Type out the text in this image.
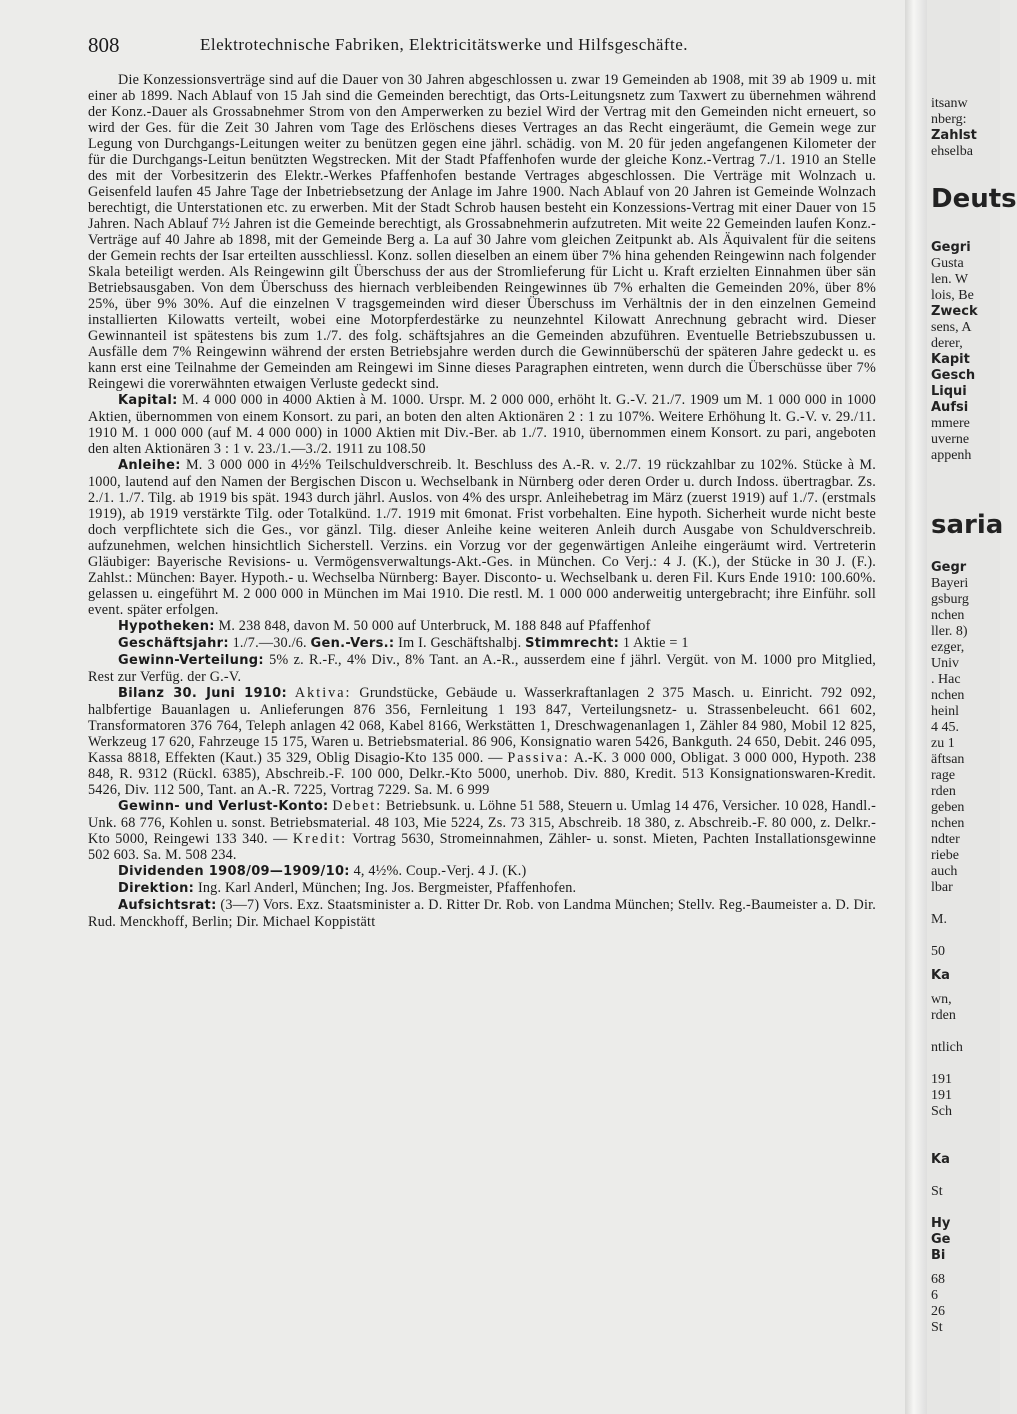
808	Elektrotechnische Fabriken, Elektricitätswerke und Hilfsgeschäfte.

Die Konzessionsverträge sind auf die Dauer von 30 Jahren abgeschlossen u. zwar 19 Gemeinden ab 1908, mit 39 ab 1909 u. mit einer ab 1899. Nach Ablauf von 15 Jah sind die Gemeinden berechtigt, das Orts-Leitungsnetz zum Taxwert zu übernehmen während der Konz.-Dauer als Grossabnehmer Strom von den Amperwerken zu beziel Wird der Vertrag mit den Gemeinden nicht erneuert, so wird der Ges. für die Zeit 30 Jahren vom Tage des Erlöschens dieses Vertrages an das Recht eingeräumt, die Gemein wege zur Legung von Durchgangs-Leitungen weiter zu benützen gegen eine jährl. schädig. von M. 20 für jeden angefangenen Kilometer der für die Durchgangs-Leitun benützten Wegstrecken. Mit der Stadt Pfaffenhofen wurde der gleiche Konz.-Vertrag 7./1. 1910 an Stelle des mit der Vorbesitzerin des Elektr.-Werkes Pfaffenhofen bestande Vertrages abgeschlossen. Die Verträge mit Wolnzach u. Geisenfeld laufen 45 Jahre Tage der Inbetriebsetzung der Anlage im Jahre 1900. Nach Ablauf von 20 Jahren ist Gemeinde Wolnzach berechtigt, die Unterstationen etc. zu erwerben. Mit der Stadt Schrob hausen besteht ein Konzessions-Vertrag mit einer Dauer von 15 Jahren. Nach Ablauf 7½ Jahren ist die Gemeinde berechtigt, als Grossabnehmerin aufzutreten. Mit weite 22 Gemeinden laufen Konz.-Verträge auf 40 Jahre ab 1898, mit der Gemeinde Berg a. La auf 30 Jahre vom gleichen Zeitpunkt ab. Als Äquivalent für die seitens der Gemein rechts der Isar erteilten ausschliessl. Konz. sollen dieselben an einem über 7% hina gehenden Reingewinn nach folgender Skala beteiligt werden. Als Reingewinn gilt Überschuss der aus der Stromlieferung für Licht u. Kraft erzielten Einnahmen über sän Betriebsausgaben. Von dem Überschuss des hiernach verbleibenden Reingewinnes üb 7% erhalten die Gemeinden 20%, über 8% 25%, über 9% 30%. Auf die einzelnen V tragsgemeinden wird dieser Überschuss im Verhältnis der in den einzelnen Gemeind installierten Kilowatts verteilt, wobei eine Motorpferdestärke zu neunzehntel Kilowatt Anrechnung gebracht wird. Dieser Gewinnanteil ist spätestens bis zum 1./7. des folg. schäftsjahres an die Gemeinden abzuführen. Eventuelle Betriebszubussen u. Ausfälle dem 7% Reingewinn während der ersten Betriebsjahre werden durch die Gewinnüberschü der späteren Jahre gedeckt u. es kann erst eine Teilnahme der Gemeinden am Reingewi im Sinne dieses Paragraphen eintreten, wenn durch die Überschüsse über 7% Reingewi die vorerwähnten etwaigen Verluste gedeckt sind.

Kapital: M. 4 000 000 in 4000 Aktien à M. 1000. Urspr. M. 2 000 000, erhöht lt. G.-V. 21./7. 1909 um M. 1 000 000 in 1000 Aktien, übernommen von einem Konsort. zu pari, an boten den alten Aktionären 2 : 1 zu 107%. Weitere Erhöhung lt. G.-V. v. 29./11. 1910 M. 1 000 000 (auf M. 4 000 000) in 1000 Aktien mit Div.-Ber. ab 1./7. 1910, übernommen einem Konsort. zu pari, angeboten den alten Aktionären 3 : 1 v. 23./1.—3./2. 1911 zu 108.50

Anleihe: M. 3 000 000 in 4½% Teilschuldverschreib. lt. Beschluss des A.-R. v. 2./7. 19 rückzahlbar zu 102%. Stücke à M. 1000, lautend auf den Namen der Bergischen Discon u. Wechselbank in Nürnberg oder deren Order u. durch Indoss. übertragbar. Zs. 2./1. 1./7. Tilg. ab 1919 bis spät. 1943 durch jährl. Auslos. von 4% des urspr. Anleihebetrag im März (zuerst 1919) auf 1./7. (erstmals 1919), ab 1919 verstärkte Tilg. oder Totalkünd. 1./7. 1919 mit 6monat. Frist vorbehalten. Eine hypoth. Sicherheit wurde nicht beste doch verpflichtete sich die Ges., vor gänzl. Tilg. dieser Anleihe keine weiteren Anleih durch Ausgabe von Schuldverschreib. aufzunehmen, welchen hinsichtlich Sicherstell. Verzins. ein Vorzug vor der gegenwärtigen Anleihe eingeräumt wird. Vertreterin Gläubiger: Bayerische Revisions- u. Vermögensverwaltungs-Akt.-Ges. in München. Co Verj.: 4 J. (K.), der Stücke in 30 J. (F.). Zahlst.: München: Bayer. Hypoth.- u. Wechselba Nürnberg: Bayer. Disconto- u. Wechselbank u. deren Fil. Kurs Ende 1910: 100.60%. gelassen u. eingeführt M. 2 000 000 in München im Mai 1910. Die restl. M. 1 000 000 anderweitig untergebracht; ihre Einführ. soll event. später erfolgen.

Hypotheken: M. 238 848, davon M. 50 000 auf Unterbruck, M. 188 848 auf Pfaffenhof

Geschäftsjahr: 1./7.—30./6. Gen.-Vers.: Im I. Geschäftshalbj. Stimmrecht: 1 Aktie = 1

Gewinn-Verteilung: 5% z. R.-F., 4% Div., 8% Tant. an A.-R., ausserdem eine f jährl. Vergüt. von M. 1000 pro Mitglied, Rest zur Verfüg. der G.-V.

Bilanz 30. Juni 1910: Aktiva: Grundstücke, Gebäude u. Wasserkraftanlagen 2 375 Masch. u. Einricht. 792 092, halbfertige Bauanlagen u. Anlieferungen 876 356, Fernleitung 1 193 847, Verteilungsnetz- u. Strassenbeleucht. 661 602, Transformatoren 376 764, Teleph anlagen 42 068, Kabel 8166, Werkstätten 1, Dreschwagenanlagen 1, Zähler 84 980, Mobil 12 825, Werkzeug 17 620, Fahrzeuge 15 175, Waren u. Betriebsmaterial. 86 906, Konsignatio waren 5426, Bankguth. 24 650, Debit. 246 095, Kassa 8818, Effekten (Kaut.) 35 329, Oblig Disagio-Kto 135 000. — Passiva: A.-K. 3 000 000, Obligat. 3 000 000, Hypoth. 238 848, R. 9312 (Rückl. 6385), Abschreib.-F. 100 000, Delkr.-Kto 5000, unerhob. Div. 880, Kredit. 513 Konsignationswaren-Kredit. 5426, Div. 112 500, Tant. an A.-R. 7225, Vortrag 7229. Sa. M. 6 999

Gewinn- und Verlust-Konto: Debet: Betriebsunk. u. Löhne 51 588, Steuern u. Umlag 14 476, Versicher. 10 028, Handl.-Unk. 68 776, Kohlen u. sonst. Betriebsmaterial. 48 103, Mie 5224, Zs. 73 315, Abschreib. 18 380, z. Abschreib.-F. 80 000, z. Delkr.-Kto 5000, Reingewi 133 340. — Kredit: Vortrag 5630, Stromeinnahmen, Zähler- u. sonst. Mieten, Pachten Installationsgewinne 502 603. Sa. M. 508 234.

Dividenden 1908/09—1909/10: 4, 4½%. Coup.-Verj. 4 J. (K.)

Direktion: Ing. Karl Anderl, München; Ing. Jos. Bergmeister, Pfaffenhofen.

Aufsichtsrat: (3—7) Vors. Exz. Staatsminister a. D. Ritter Dr. Rob. von Landma München; Stellv. Reg.-Baumeister a. D. Dir. Rud. Menckhoff, Berlin; Dir. Michael Koppistätt

itsanw
nberg:
Zahlst
ehselba
Deuts
Gegri
Gusta
len. W
lois, Be
Zweck
sens, A
derer,
Kapit
Gesch
Liqui
Aufsi
mmere
uverne
appenh
saria
Gegr
Bayeri
gsburg
nchen
ller. 8)
ezger,
Univ
. Hac
nchen
heinl
4 45.
zu 1
äftsan
rage
rden
geben
nchen
ndter
riebe
auch
lbar
M.
50
Ka
wn,
rden
ntlich
191
191
Sch
Ka
St
Hy
Ge
Bi
68
6
26
St
